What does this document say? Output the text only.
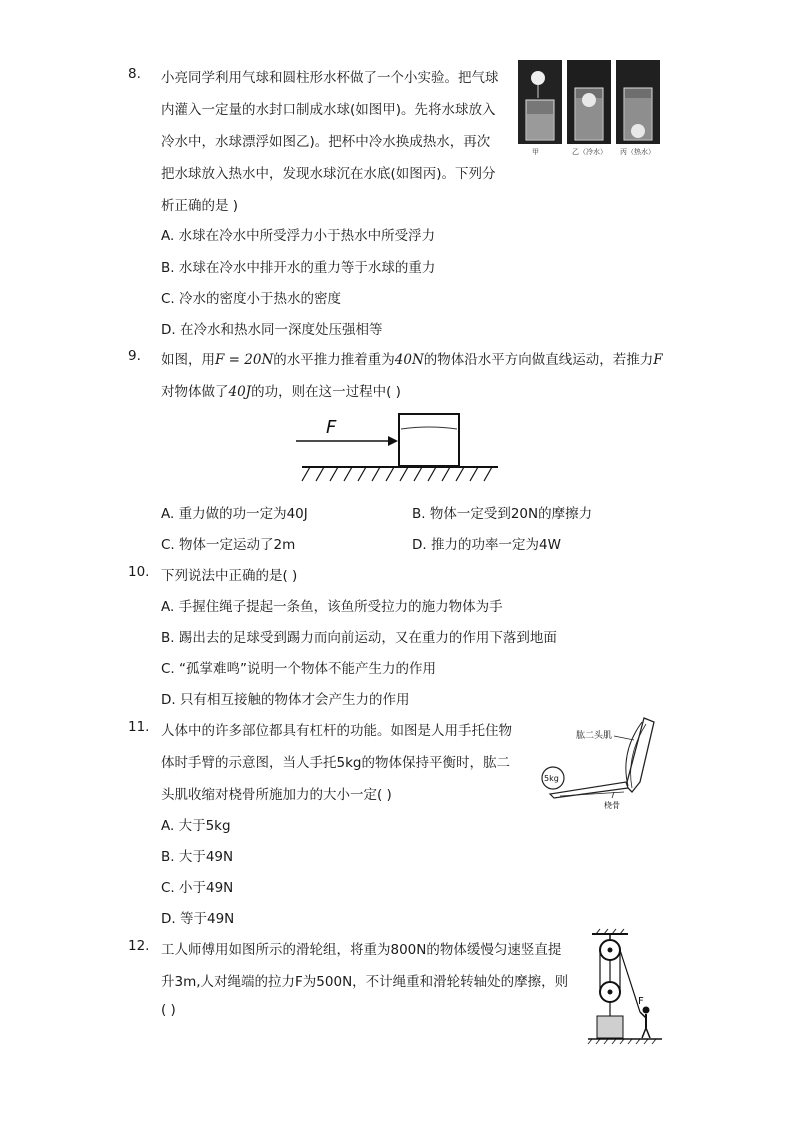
8. 小亮同学利用气球和圆柱形水杯做了一个小实验。把气球
内灌入一定量的水封口制成水球(如图甲)。先将水球放入
冷水中，水球漂浮如图乙)。把杯中冷水换成热水，再次
把水球放入热水中，发现水球沉在水底(如图丙)。下列分
析正确的是 )
A. 水球在冷水中所受浮力小于热水中所受浮力
B. 水球在冷水中排开水的重力等于水球的重力
C. 冷水的密度小于热水的密度
D. 在冷水和热水同一深度处压强相等
甲	乙（冷水） 丙（热水）
9. 如图，用F = 20N的水平推力推着重为40N的物体沿水平方向做直线运动，若推力F
对物体做了40J的功，则在这一过程中( )
F
A. 重力做的功一定为40J	B. 物体一定受到20N的摩擦力
C. 物体一定运动了2m	D. 推力的功率一定为4W
10. 下列说法中正确的是( )
A. 手握住绳子提起一条鱼，该鱼所受拉力的施力物体为手
B. 踢出去的足球受到踢力而向前运动，又在重力的作用下落到地面
C. “孤掌难鸣”说明一个物体不能产生力的作用
D. 只有相互接触的物体才会产生力的作用
11. 人体中的许多部位都具有杠杆的功能。如图是人用手托住物
体时手臂的示意图，当人手托5kg的物体保持平衡时，肱二
头肌收缩对桡骨所施加力的大小一定( )
5kg
肱二头肌
桡骨
A. 大于5kg
B. 大于49N
C. 小于49N
D. 等于49N
12. 工人师傅用如图所示的滑轮组，将重为800N的物体缓慢匀速竖直提
升3m,人对绳端的拉力F为500N，不计绳重和滑轮转轴处的摩擦，则
( )
F
